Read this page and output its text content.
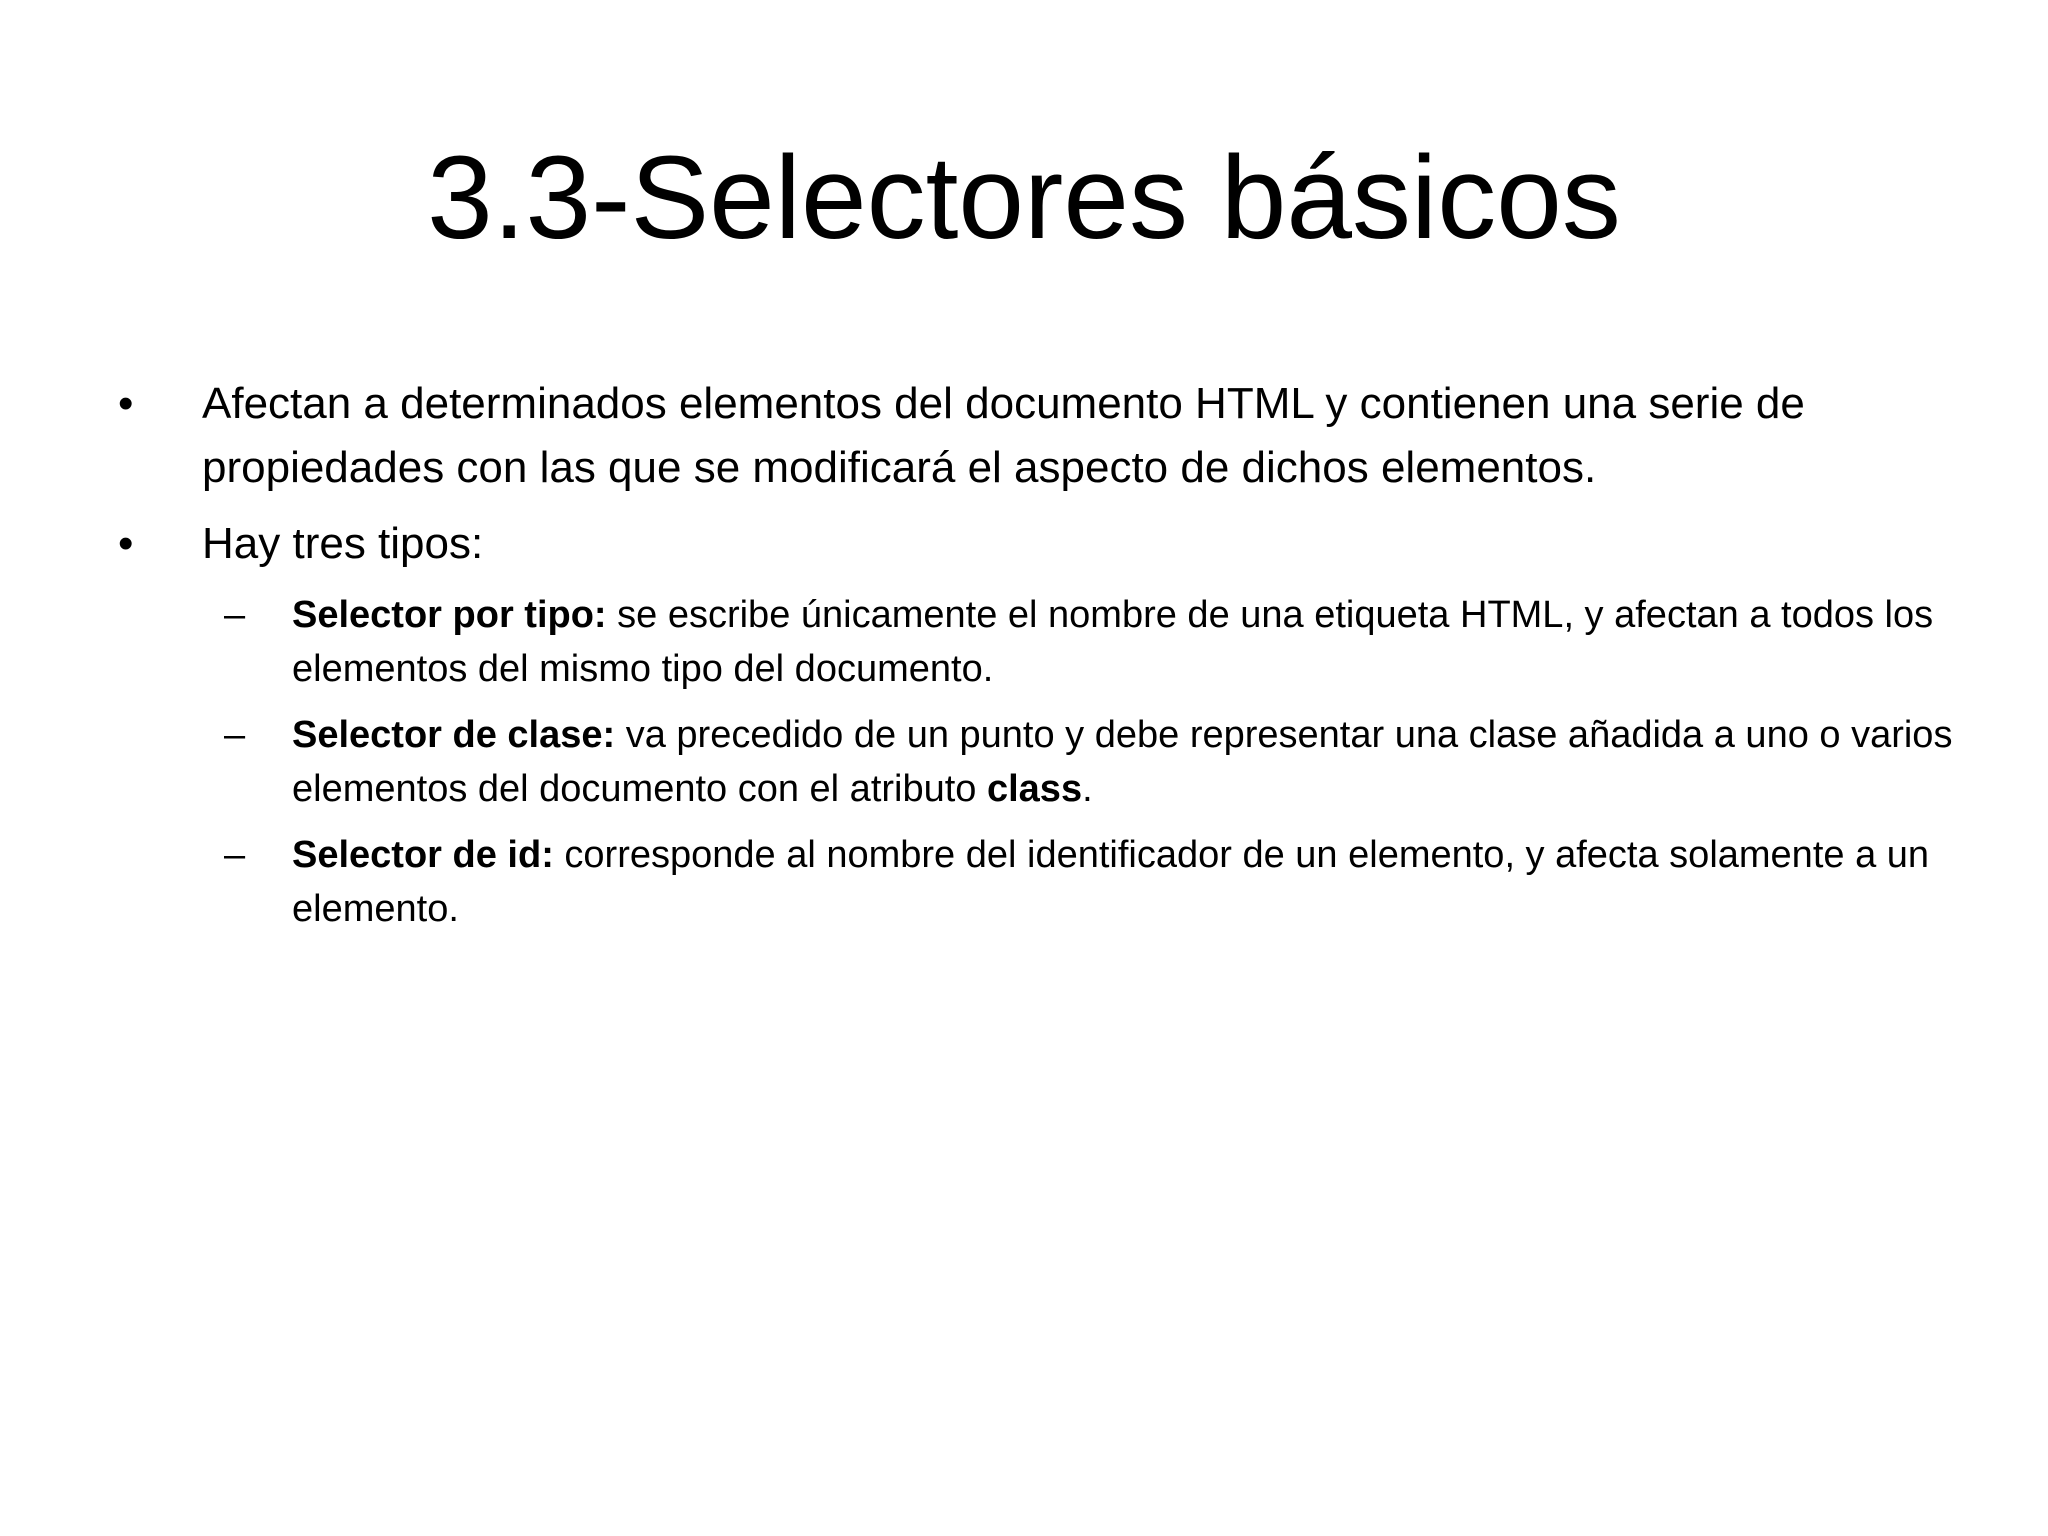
3.3-Selectores básicos
•	Afectan a determinados elementos del documento HTML y contienen una serie de propiedades con las que se modificará el aspecto de dichos elementos.
•	Hay tres tipos:
–	Selector por tipo: se escribe únicamente el nombre de una etiqueta HTML, y afectan a todos los elementos del mismo tipo del documento.
–	Selector de clase: va precedido de un punto y debe representar una clase añadida a uno o varios elementos del documento con el atributo class.
–	Selector de id: corresponde al nombre del identificador de un elemento, y afecta solamente a un elemento.
